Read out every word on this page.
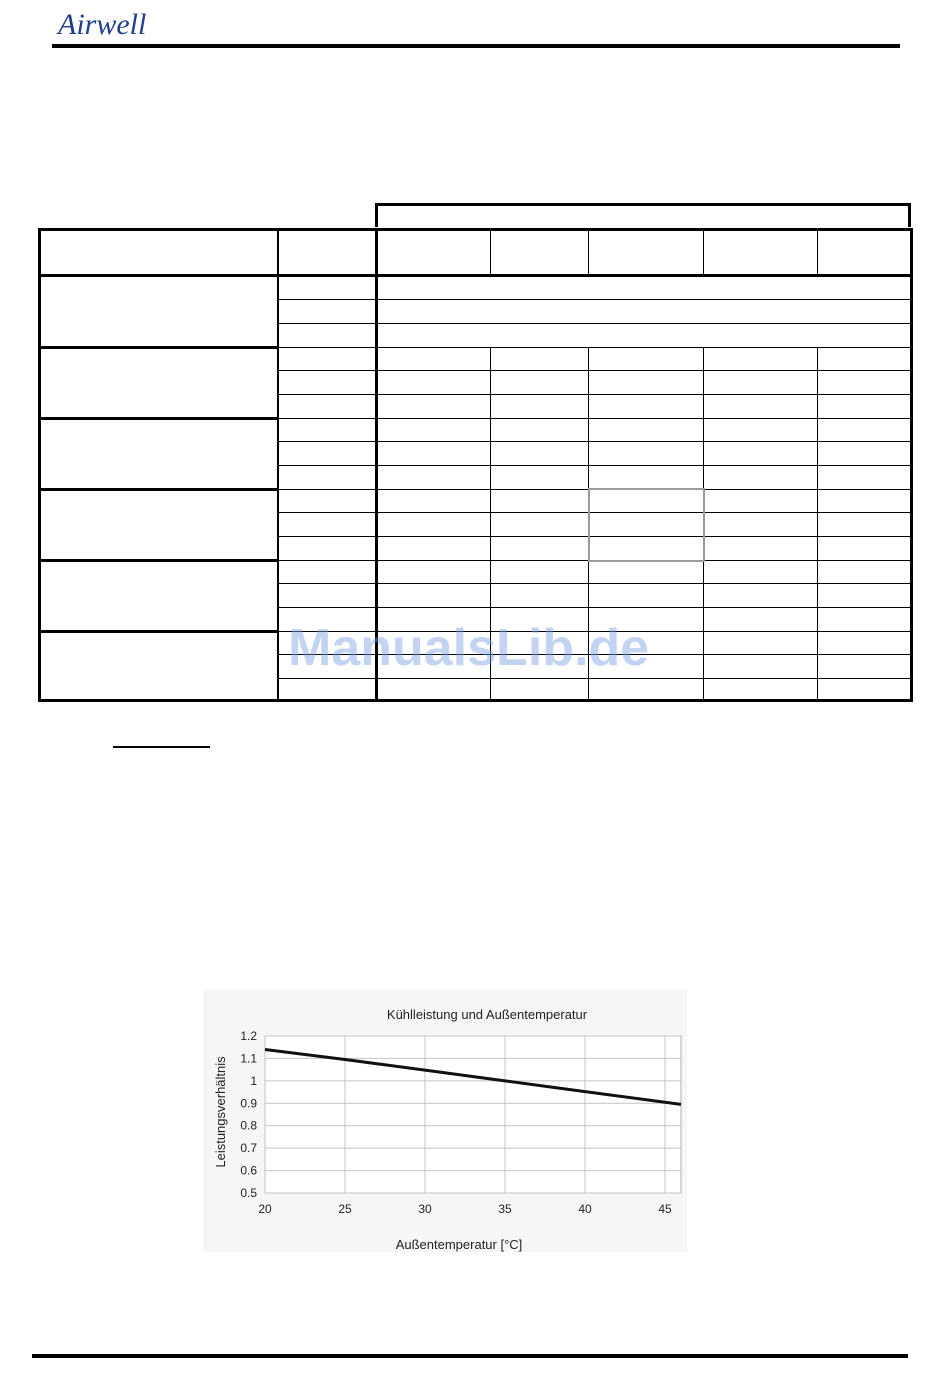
Airwell
ManualsLib.de
Kühlleistung und Außentemperatur
Außentemperatur [°C]
Leistungsverhältnis
1.2
1.1
1
0.9
0.8
0.7
0.6
0.5
20	25	30	35	40	45
